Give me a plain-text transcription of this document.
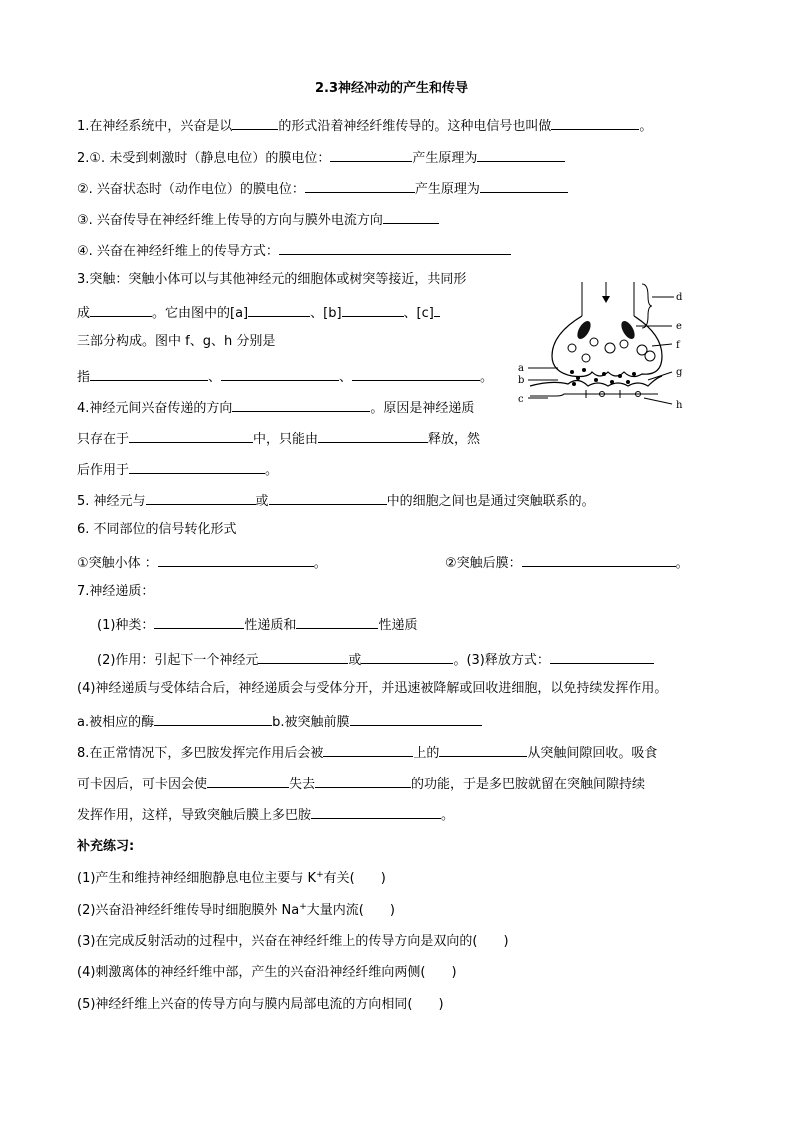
2.3神经冲动的产生和传导
1.在神经系统中，兴奋是以	的形式沿着神经纤维传导的。这种电信号也叫做	。
2.①. 未受到刺激时（静息电位）的膜电位：	产生原理为
②. 兴奋状态时（动作电位）的膜电位：	产生原理为
③. 兴奋传导在神经纤维上传导的方向与膜外电流方向
④. 兴奋在神经纤维上的传导方式：
3.突触：突触小体可以与其他神经元的细胞体或树突等接近，共同形
成	。它由图中的[a]	、[b]	、[c]
三部分构成。图中 f、g、h 分别是
指	、	、	。
a
b
c
d
e
f
g
h
4.神经元间兴奋传递的方向	。原因是神经递质
只存在于	中，只能由	释放，然
后作用于	。
5. 神经元与	或	中的细胞之间也是通过突触联系的。
6. 不同部位的信号转化形式
①突触小体 ：	。	②突触后膜：	。
7.神经递质：
(1)种类：	性递质和	性递质
(2)作用：引起下一个神经元	或	。(3)释放方式：
(4)神经递质与受体结合后，神经递质会与受体分开，并迅速被降解或回收进细胞，以免持续发挥作用。
a.被相应的酶	b.被突触前膜
8.在正常情况下，多巴胺发挥完作用后会被	上的	从突触间隙回收。吸食
可卡因后，可卡因会使	失去	的功能，于是多巴胺就留在突触间隙持续
发挥作用，这样，导致突触后膜上多巴胺	。
补充练习:
(1)产生和维持神经细胞静息电位主要与 K+有关(　　)
(2)兴奋沿神经纤维传导时细胞膜外 Na+大量内流(　　)
(3)在完成反射活动的过程中，兴奋在神经纤维上的传导方向是双向的(　　)
(4)刺激离体的神经纤维中部，产生的兴奋沿神经纤维向两侧(　　)
(5)神经纤维上兴奋的传导方向与膜内局部电流的方向相同(　　)
